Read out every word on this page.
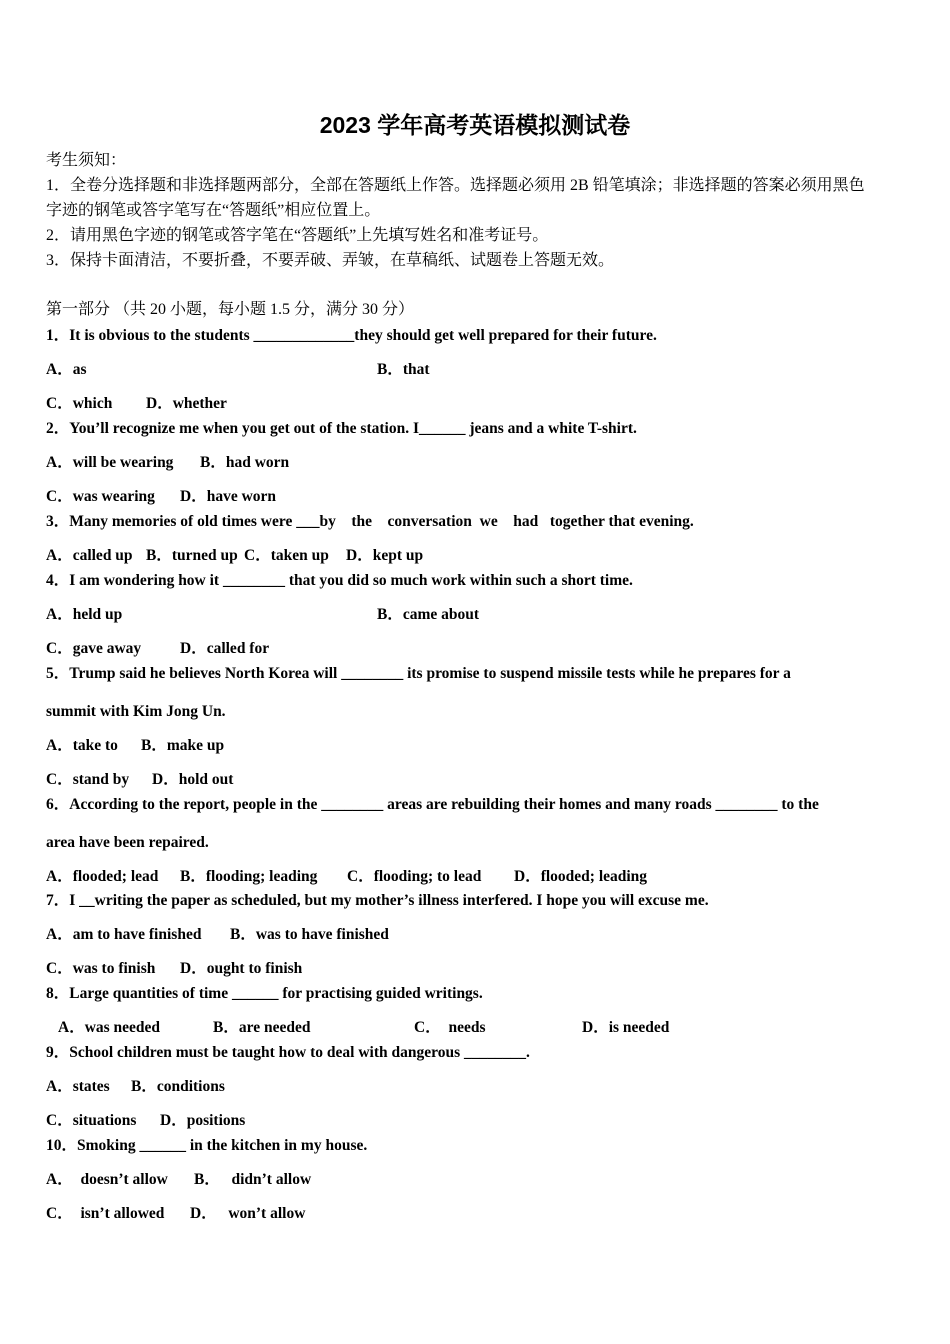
2023 学年高考英语模拟测试卷
考生须知：
1．全卷分选择题和非选择题两部分，全部在答题纸上作答。选择题必须用 2B 铅笔填涂；非选择题的答案必须用黑色
字迹的钢笔或答字笔写在“答题纸”相应位置上。
2．请用黑色字迹的钢笔或答字笔在“答题纸”上先填写姓名和准考证号。
3．保持卡面清洁，不要折叠，不要弄破、弄皱，在草稿纸、试题卷上答题无效。
第一部分 （共 20 小题，每小题 1.5 分，满分 30 分）
1．It is obvious to the students _____________they should get well prepared for their future.
A．as	B．that
C．which D．whether
2．You’ll recognize me when you get out of the station. I______ jeans and a white T-shirt.
A．will be wearing B．had worn
C．was wearing D．have worn
3．Many memories of old times were ___by    the    conversation  we    had   together that evening.
A．called up B．turned up C．taken up D．kept up
4．I am wondering how it ________ that you did so much work within such a short time.
A．held up	B．came about
C．gave away	D．called for
5．Trump said he believes North Korea will ________ its promise to suspend missile tests while he prepares for a
summit with Kim Jong Un.
A．take to B．make up
C．stand by D．hold out
6．According to the report, people in the ________ areas are rebuilding their homes and many roads ________ to the
area have been repaired.
A．flooded; lead B．flooding; leading C．flooding; to lead D．flooded; leading
7．I __writing the paper as scheduled, but my mother’s illness interfered. I hope you will excuse me.
A．am to have finished B．was to have finished
C．was to finish D．ought to finish
8．Large quantities of time ______ for practising guided writings.
A．was needed	B．are needed	C．  needs	D．is needed
9．School children must be taught how to deal with dangerous ________.
A．states B．conditions
C．situations D．positions
10．Smoking ______ in the kitchen in my house.
A．  doesn’t allow B．   didn’t allow
C．  isn’t allowed D．   won’t allow
